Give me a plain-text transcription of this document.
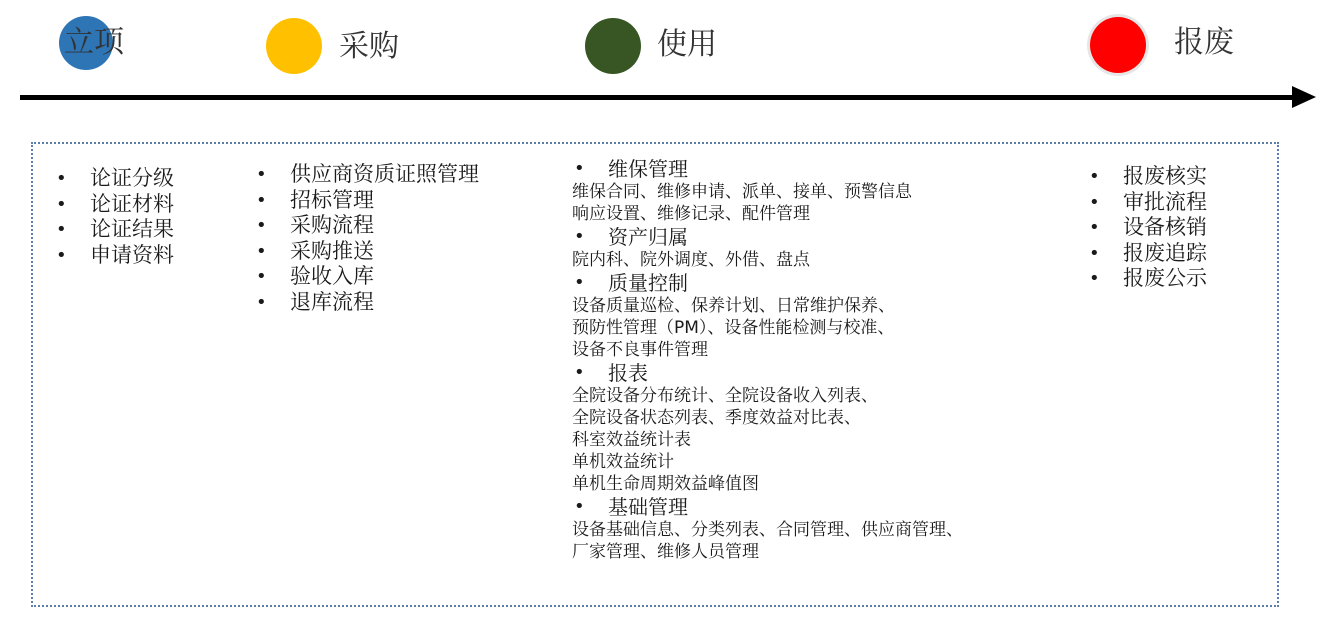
立项	采购	使用	报废
• 论证分级
• 论证材料
• 论证结果
• 申请资料
• 供应商资质证照管理
• 招标管理
• 采购流程
• 采购推送
• 验收入库
• 退库流程
• 维保管理
维保合同、维修申请、派单、接单、预警信息
响应设置、维修记录、配件管理
• 资产归属
院内科、院外调度、外借、盘点
• 质量控制
设备质量巡检、保养计划、日常维护保养、
预防性管理（PM）、设备性能检测与校准、
设备不良事件管理
• 报表
全院设备分布统计、全院设备收入列表、
全院设备状态列表、季度效益对比表、
科室效益统计表
单机效益统计
单机生命周期效益峰值图
• 基础管理
设备基础信息、分类列表、合同管理、供应商管理、
厂家管理、维修人员管理
• 报废核实
• 审批流程
• 设备核销
• 报废追踪
• 报废公示
